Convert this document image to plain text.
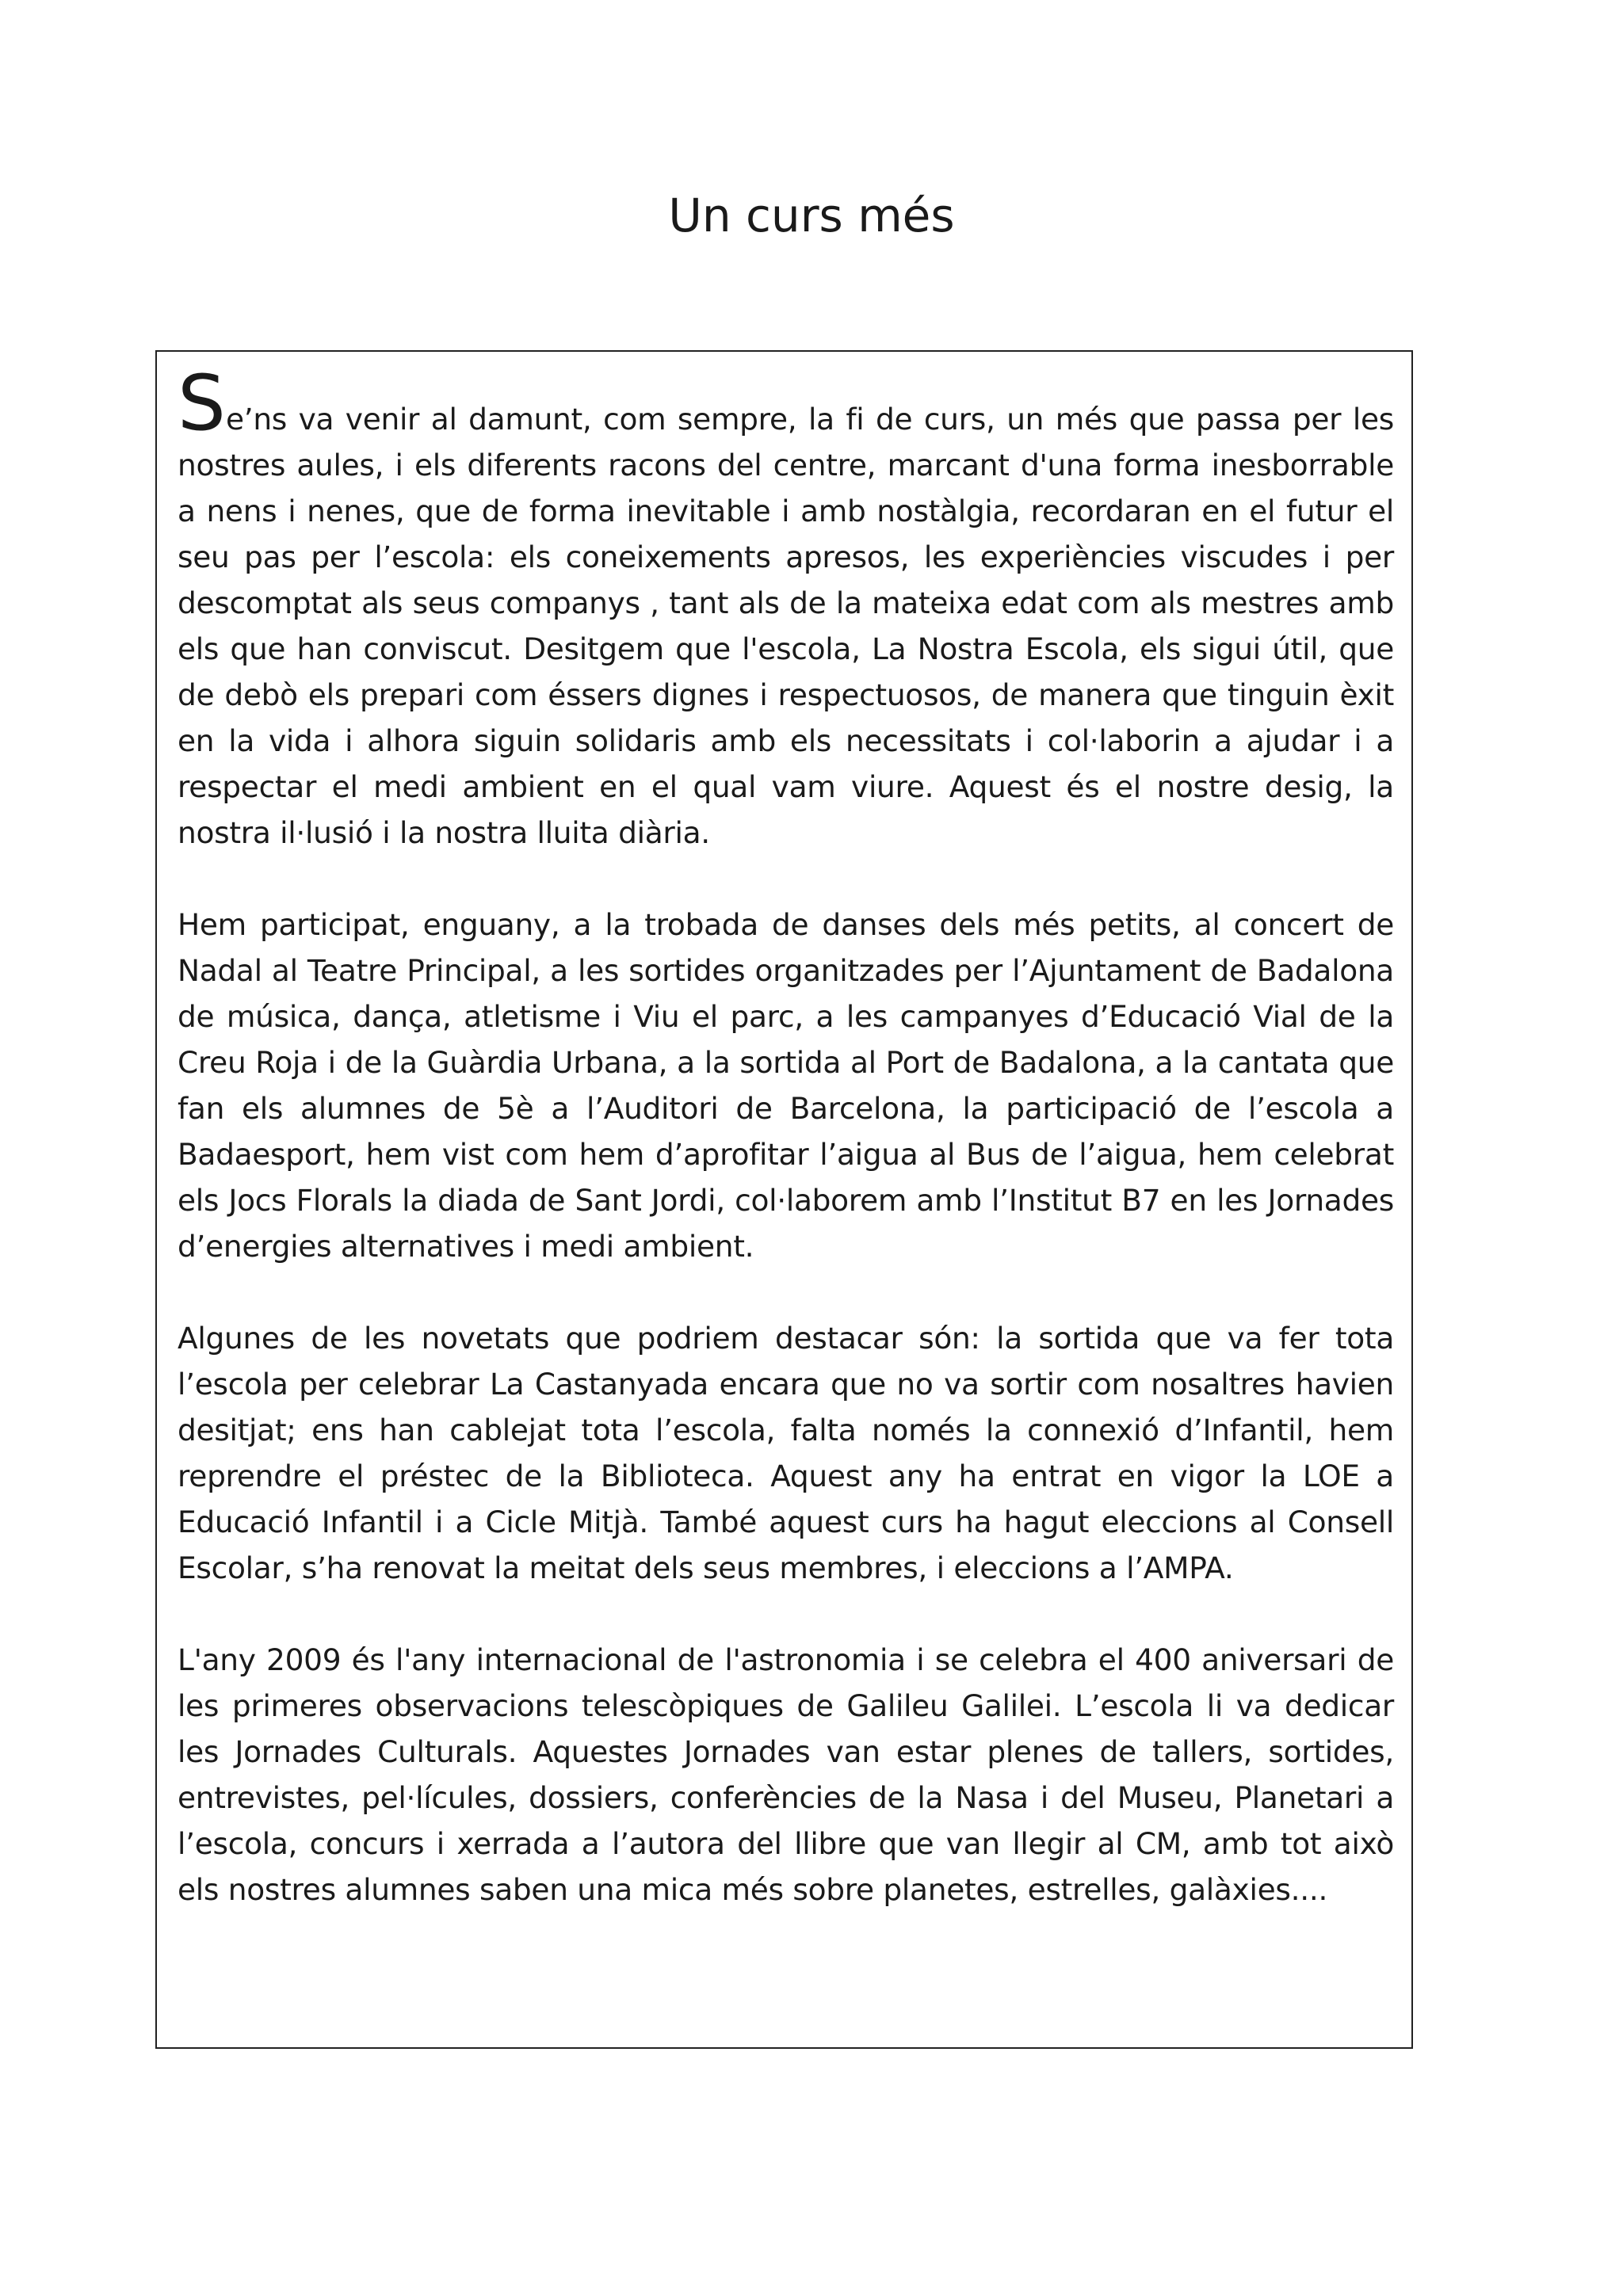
Un curs més

Se’ns va venir al damunt, com sempre, la fi de curs, un més que passa per les nostres aules, i els diferents racons del centre, marcant d'una forma inesborrable a nens i nenes, que de forma inevitable i amb nostàlgia, recordaran en el futur el seu pas per l’escola: els coneixements apresos, les experiències viscudes i per descomptat als seus companys , tant als de la mateixa edat com als mestres amb els que han conviscut. Desitgem que l'escola, La Nostra Escola, els sigui útil, que de debò els prepari com éssers dignes i respectuosos, de manera que tinguin èxit en la vida i alhora siguin solidaris amb els necessitats i col·laborin a ajudar i a respectar el medi ambient en el qual vam viure. Aquest és el nostre desig, la nostra il·lusió i la nostra lluita diària.

Hem participat, enguany, a la trobada de danses dels més petits, al concert de Nadal al Teatre Principal, a les sortides organitzades per l’Ajuntament de Badalona de música, dança, atletisme i Viu el parc, a les campanyes d’Educació Vial de la Creu Roja i de la Guàrdia Urbana, a la sortida al Port de Badalona, a la cantata que fan els alumnes de 5è a l’Auditori de Barcelona, la participació de l’escola a Badaesport, hem vist com hem d’aprofitar l’aigua al Bus de l’aigua, hem celebrat els Jocs Florals la diada de Sant Jordi, col·laborem amb l’Institut B7 en les Jornades d’energies alternatives i medi ambient.

Algunes de les novetats que podriem destacar són: la sortida que va fer tota l’escola per celebrar La Castanyada encara que no va sortir com nosaltres havien desitjat; ens han cablejat tota l’escola, falta només la connexió d’Infantil, hem reprendre el préstec de la Biblioteca. Aquest any ha entrat en vigor la LOE a Educació Infantil i a Cicle Mitjà. També aquest curs ha hagut eleccions al Consell Escolar, s’ha renovat la meitat dels seus membres, i eleccions a l’AMPA.

L'any 2009 és l'any internacional de l'astronomia i se celebra el 400 aniversari de les primeres observacions telescòpiques de Galileu Galilei. L’escola li va dedicar les Jornades Culturals. Aquestes Jornades van estar plenes de tallers, sortides, entrevistes, pel·lícules, dossiers, conferències de la Nasa i del Museu, Planetari a l’escola, concurs i xerrada a l’autora del llibre que van llegir al CM, amb tot això els nostres alumnes saben una mica més sobre planetes, estrelles, galàxies....
